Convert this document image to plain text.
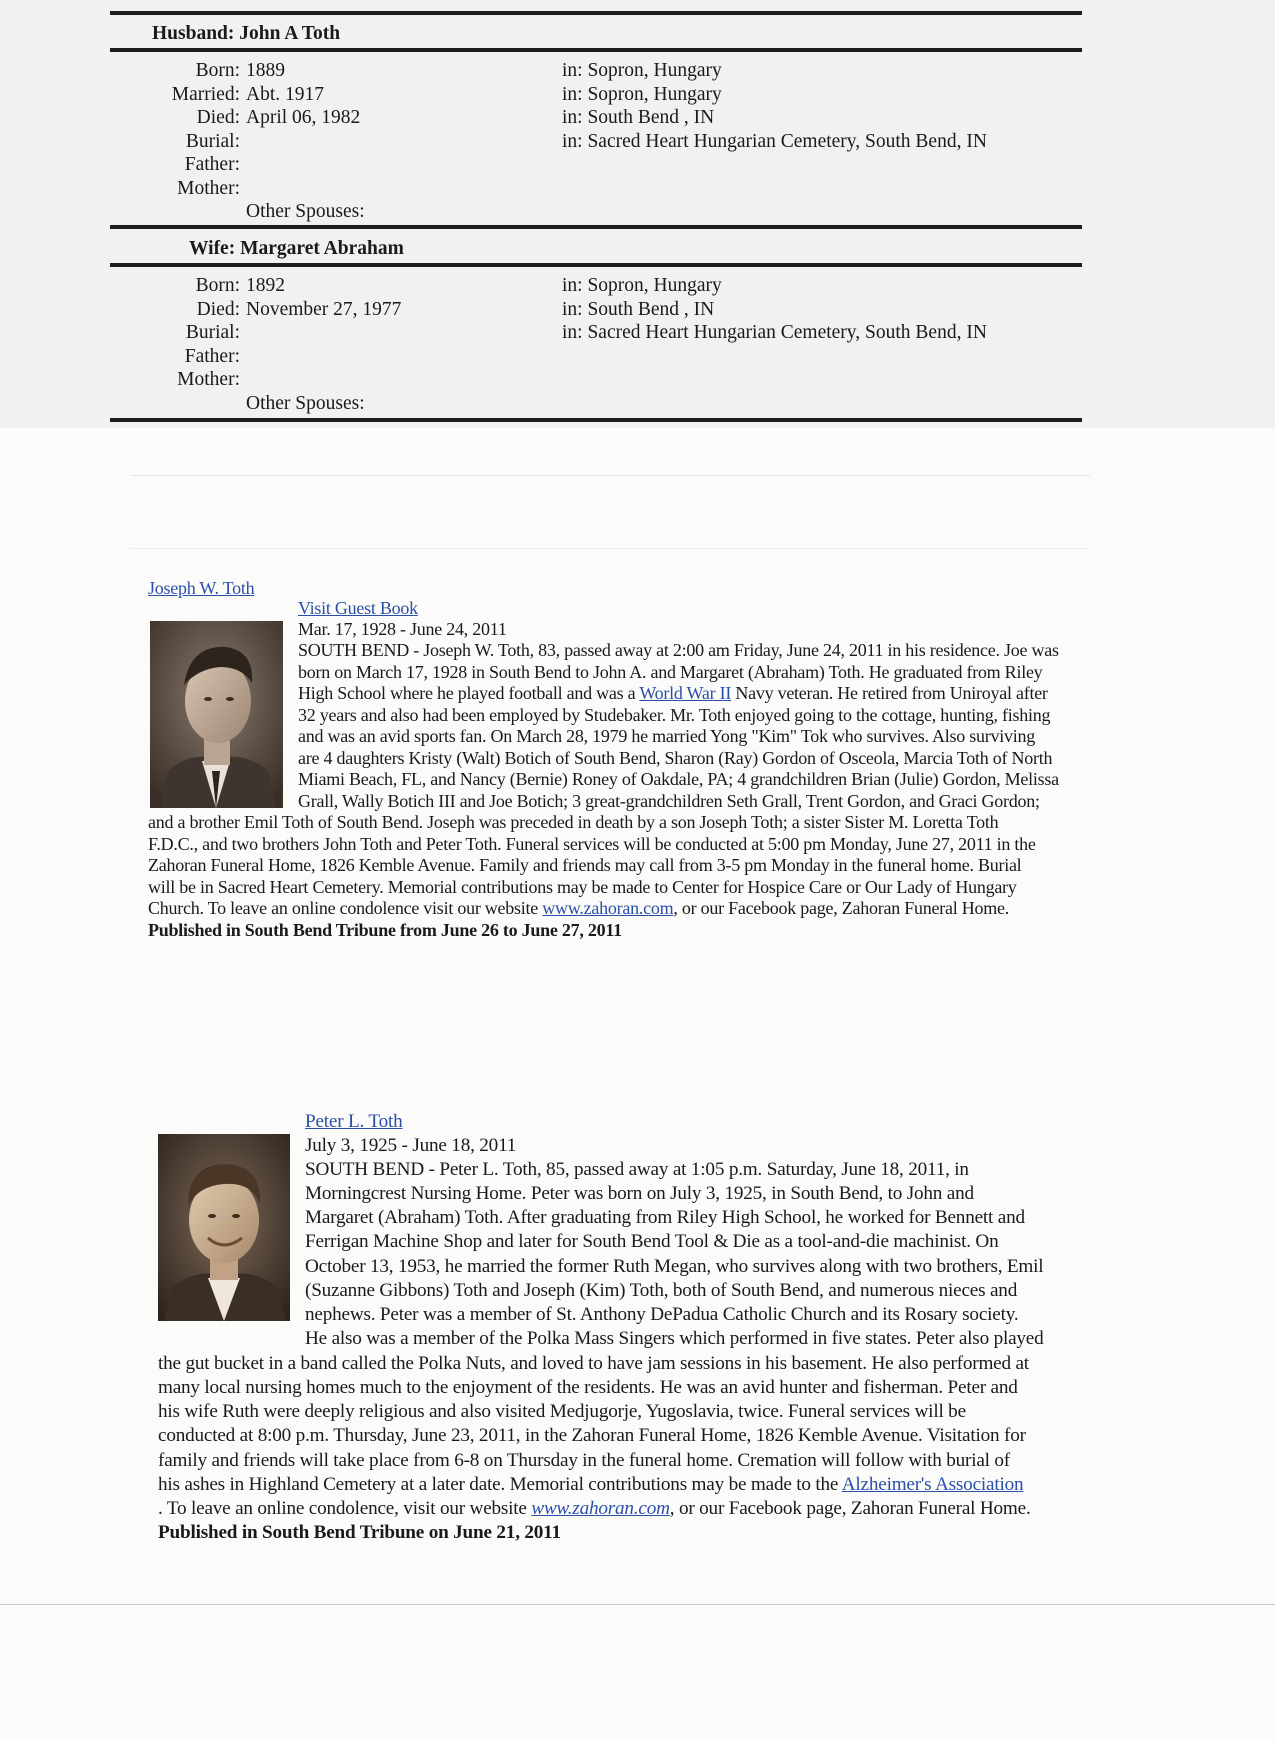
Husband: John A Toth
Born: 1889	in: Sopron, Hungary
Married: Abt. 1917	in: Sopron, Hungary
Died: April 06, 1982	in: South Bend , IN
Burial:	in: Sacred Heart Hungarian Cemetery, South Bend, IN
Father:
Mother:
Other Spouses:
Wife: Margaret Abraham
Born: 1892	in: Sopron, Hungary
Died: November 27, 1977	in: South Bend , IN
Burial:	in: Sacred Heart Hungarian Cemetery, South Bend, IN
Father:
Mother:
Other Spouses:
Joseph W. Toth
Visit Guest Book
Mar. 17, 1928 - June 24, 2011
SOUTH BEND - Joseph W. Toth, 83, passed away at 2:00 am Friday, June 24, 2011 in his residence. Joe was
born on March 17, 1928 in South Bend to John A. and Margaret (Abraham) Toth. He graduated from Riley
High School where he played football and was a World War II Navy veteran. He retired from Uniroyal after
32 years and also had been employed by Studebaker. Mr. Toth enjoyed going to the cottage, hunting, fishing
and was an avid sports fan. On March 28, 1979 he married Yong "Kim" Tok who survives. Also surviving
are 4 daughters Kristy (Walt) Botich of South Bend, Sharon (Ray) Gordon of Osceola, Marcia Toth of North
Miami Beach, FL, and Nancy (Bernie) Roney of Oakdale, PA; 4 grandchildren Brian (Julie) Gordon, Melissa
Grall, Wally Botich III and Joe Botich; 3 great-grandchildren Seth Grall, Trent Gordon, and Graci Gordon;
and a brother Emil Toth of South Bend. Joseph was preceded in death by a son Joseph Toth; a sister Sister M. Loretta Toth
F.D.C., and two brothers John Toth and Peter Toth. Funeral services will be conducted at 5:00 pm Monday, June 27, 2011 in the
Zahoran Funeral Home, 1826 Kemble Avenue. Family and friends may call from 3-5 pm Monday in the funeral home. Burial
will be in Sacred Heart Cemetery. Memorial contributions may be made to Center for Hospice Care or Our Lady of Hungary
Church. To leave an online condolence visit our website www.zahoran.com, or our Facebook page, Zahoran Funeral Home.
Published in South Bend Tribune from June 26 to June 27, 2011
Peter L. Toth
July 3, 1925 - June 18, 2011
SOUTH BEND - Peter L. Toth, 85, passed away at 1:05 p.m. Saturday, June 18, 2011, in
Morningcrest Nursing Home. Peter was born on July 3, 1925, in South Bend, to John and
Margaret (Abraham) Toth. After graduating from Riley High School, he worked for Bennett and
Ferrigan Machine Shop and later for South Bend Tool & Die as a tool-and-die machinist. On
October 13, 1953, he married the former Ruth Megan, who survives along with two brothers, Emil
(Suzanne Gibbons) Toth and Joseph (Kim) Toth, both of South Bend, and numerous nieces and
nephews. Peter was a member of St. Anthony DePadua Catholic Church and its Rosary society.
He also was a member of the Polka Mass Singers which performed in five states. Peter also played
the gut bucket in a band called the Polka Nuts, and loved to have jam sessions in his basement. He also performed at
many local nursing homes much to the enjoyment of the residents. He was an avid hunter and fisherman. Peter and
his wife Ruth were deeply religious and also visited Medjugorje, Yugoslavia, twice. Funeral services will be
conducted at 8:00 p.m. Thursday, June 23, 2011, in the Zahoran Funeral Home, 1826 Kemble Avenue. Visitation for
family and friends will take place from 6-8 on Thursday in the funeral home. Cremation will follow with burial of
his ashes in Highland Cemetery at a later date. Memorial contributions may be made to the Alzheimer's Association
. To leave an online condolence, visit our website www.zahoran.com, or our Facebook page, Zahoran Funeral Home.
Published in South Bend Tribune on June 21, 2011
